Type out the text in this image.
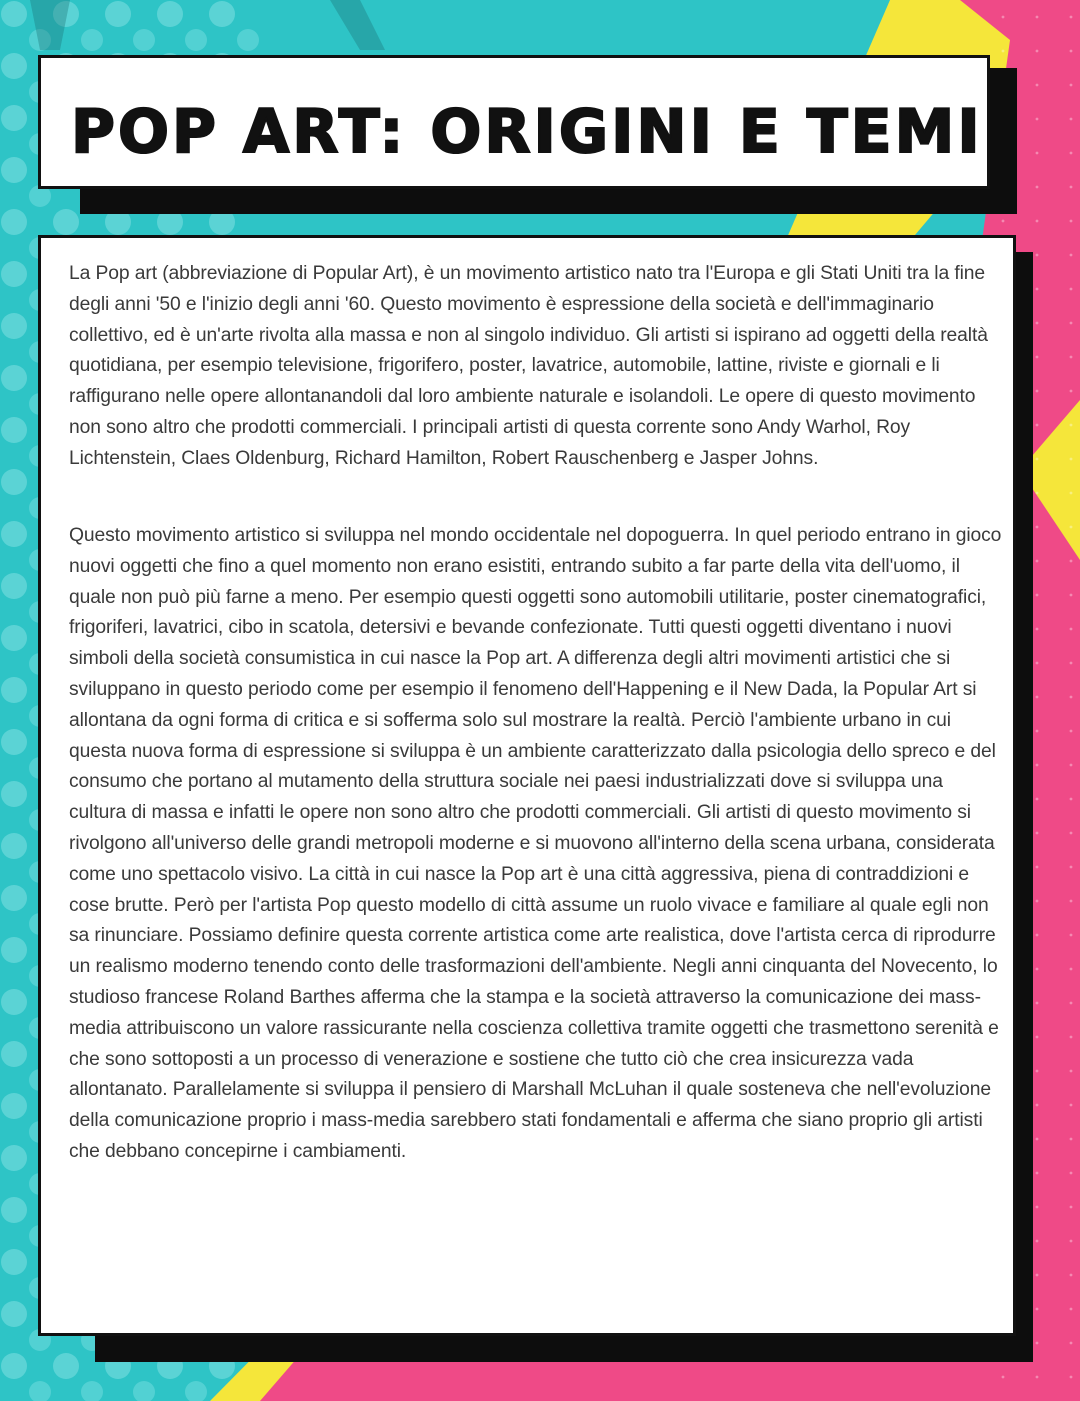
POP ART: ORIGINI E TEMI

La Pop art (abbreviazione di Popular Art), è un movimento artistico nato tra l'Europa e gli Stati Uniti tra la fine degli anni '50 e l'inizio degli anni '60. Questo movimento è espressione della società e dell'immaginario collettivo, ed è un'arte rivolta alla massa e non al singolo individuo. Gli artisti si ispirano ad oggetti della realtà quotidiana, per esempio televisione, frigorifero, poster, lavatrice, automobile, lattine, riviste e giornali e li raffigurano nelle opere allontanandoli dal loro ambiente naturale e isolandoli. Le opere di questo movimento non sono altro che prodotti commerciali. I principali artisti di questa corrente sono Andy Warhol, Roy Lichtenstein, Claes Oldenburg, Richard Hamilton, Robert Rauschenberg e Jasper Johns.

Questo movimento artistico si sviluppa nel mondo occidentale nel dopoguerra. In quel periodo entrano in gioco nuovi oggetti che fino a quel momento non erano esistiti, entrando subito a far parte della vita dell'uomo, il quale non può più farne a meno. Per esempio questi oggetti sono automobili utilitarie, poster cinematografici, frigoriferi, lavatrici, cibo in scatola, detersivi e bevande confezionate. Tutti questi oggetti diventano i nuovi simboli della società consumistica in cui nasce la Pop art. A differenza degli altri movimenti artistici che si sviluppano in questo periodo come per esempio il fenomeno dell'Happening e il New Dada, la Popular Art si allontana da ogni forma di critica e si sofferma solo sul mostrare la realtà. Perciò l'ambiente urbano in cui questa nuova forma di espressione si sviluppa è un ambiente caratterizzato dalla psicologia dello spreco e del consumo che portano al mutamento della struttura sociale nei paesi industrializzati dove si sviluppa una cultura di massa e infatti le opere non sono altro che prodotti commerciali. Gli artisti di questo movimento si rivolgono all'universo delle grandi metropoli moderne e si muovono all'interno della scena urbana, considerata come uno spettacolo visivo. La città in cui nasce la Pop art è una città aggressiva, piena di contraddizioni e cose brutte. Però per l'artista Pop questo modello di città assume un ruolo vivace e familiare al quale egli non sa rinunciare. Possiamo definire questa corrente artistica come arte realistica, dove l'artista cerca di riprodurre un realismo moderno tenendo conto delle trasformazioni dell'ambiente. Negli anni cinquanta del Novecento, lo studioso francese Roland Barthes afferma che la stampa e la società attraverso la comunicazione dei mass-media attribuiscono un valore rassicurante nella coscienza collettiva tramite oggetti che trasmettono serenità e che sono sottoposti a un processo di venerazione e sostiene che tutto ciò che crea insicurezza vada allontanato. Parallelamente si sviluppa il pensiero di Marshall McLuhan il quale sosteneva che nell'evoluzione della comunicazione proprio i mass-media sarebbero stati fondamentali e afferma che siano proprio gli artisti che debbano concepirne i cambiamenti.
